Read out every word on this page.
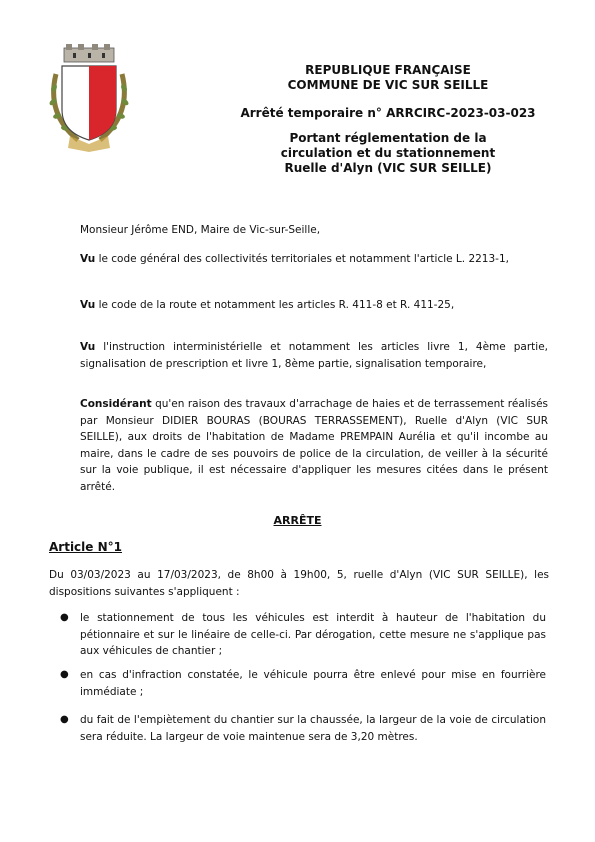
REPUBLIQUE FRANÇAISE
COMMUNE DE VIC SUR SEILLE
Arrêté temporaire n° ARRCIRC-2023-03-023
Portant réglementation de la
circulation et du stationnement
Ruelle d'Alyn (VIC SUR SEILLE)
Monsieur Jérôme END, Maire de Vic-sur-Seille,
Vu le code général des collectivités territoriales et notamment l'article L. 2213-1,
Vu le code de la route et notamment les articles R. 411-8 et R. 411-25,
Vu l'instruction interministérielle et notamment les articles livre 1, 4ème partie, signalisation de prescription et livre 1, 8ème partie, signalisation temporaire,
Considérant qu'en raison des travaux d'arrachage de haies et de terrassement réalisés par Monsieur DIDIER BOURAS (BOURAS TERRASSEMENT), Ruelle d'Alyn (VIC SUR SEILLE), aux droits de l'habitation de Madame PREMPAIN Aurélia et qu'il incombe au maire, dans le cadre de ses pouvoirs de police de la circulation, de veiller à la sécurité sur la voie publique, il est nécessaire d'appliquer les mesures citées dans le présent arrêté.
ARRÊTE
Article N°1
Du 03/03/2023 au 17/03/2023, de 8h00 à 19h00, 5, ruelle d'Alyn (VIC SUR SEILLE), les dispositions suivantes s'appliquent :
● le stationnement de tous les véhicules est interdit à hauteur de l'habitation du pétionnaire et sur le linéaire de celle-ci. Par dérogation, cette mesure ne s'applique pas aux véhicules de chantier ;
● en cas d'infraction constatée, le véhicule pourra être enlevé pour mise en fourrière immédiate ;
● du fait de l'empiètement du chantier sur la chaussée, la largeur de la voie de circulation sera réduite. La largeur de voie maintenue sera de 3,20 mètres.
